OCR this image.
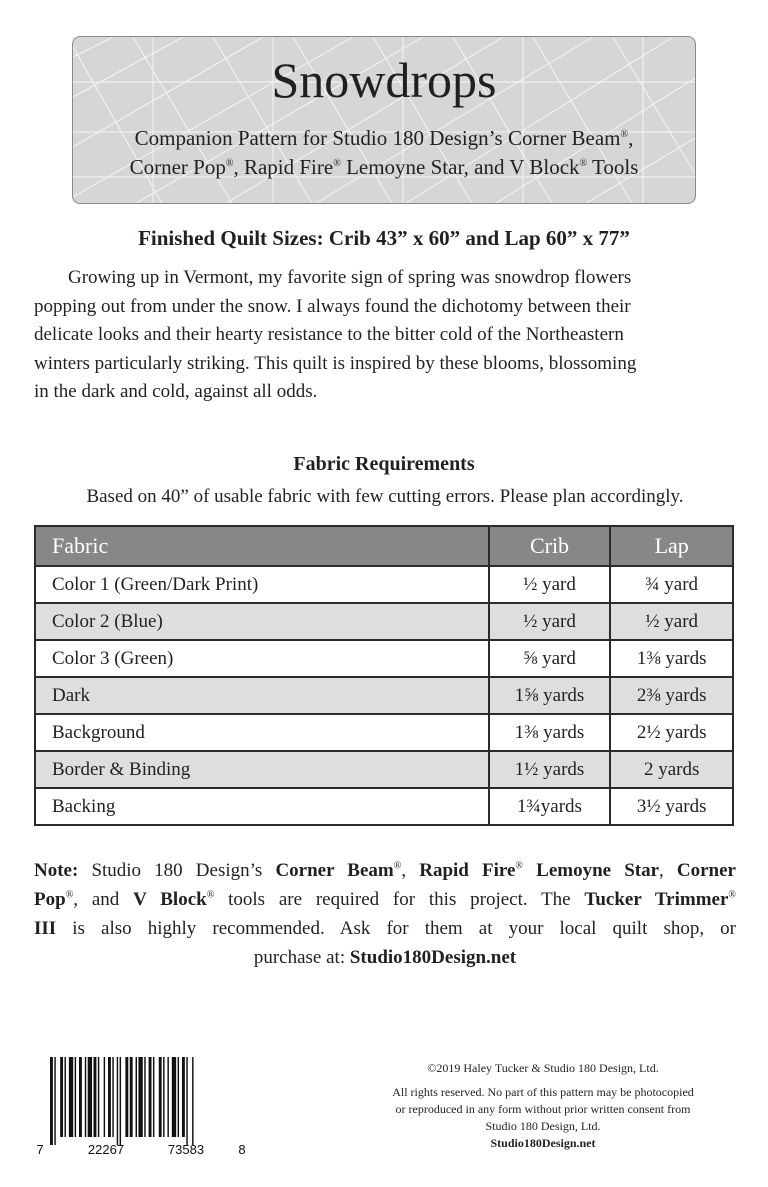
Snowdrops
Companion Pattern for Studio 180 Design’s Corner Beam®,
Corner Pop®, Rapid Fire® Lemoyne Star, and V Block® Tools
Finished Quilt Sizes: Crib 43” x 60” and Lap 60” x 77”
Growing up in Vermont, my favorite sign of spring was snowdrop flowers
popping out from under the snow. I always found the dichotomy between their
delicate looks and their hearty resistance to the bitter cold of the Northeastern
winters particularly striking. This quilt is inspired by these blooms, blossoming
in the dark and cold, against all odds.
Fabric Requirements
Based on 40” of usable fabric with few cutting errors. Please plan accordingly.
Fabric	Crib	Lap
Color 1 (Green/Dark Print)	½ yard	¾ yard
Color 2 (Blue)	½ yard	½ yard
Color 3 (Green)	⅝ yard	1⅜ yards
Dark	1⅝ yards	2⅜ yards
Background	1⅜ yards	2½ yards
Border & Binding	1½ yards	2 yards
Backing	1¾yards	3½ yards
Note: Studio 180 Design’s Corner Beam®, Rapid Fire® Lemoyne Star, Corner
Pop®, and V Block® tools are required for this project. The Tucker Trimmer®
III is also highly recommended. Ask for them at your local quilt shop, or
purchase at: Studio180Design.net
7	22267	73583	8
©2019 Haley Tucker & Studio 180 Design, Ltd.
All rights reserved. No part of this pattern may be photocopied
or reproduced in any form without prior written consent from
Studio 180 Design, Ltd.
Studio180Design.net
